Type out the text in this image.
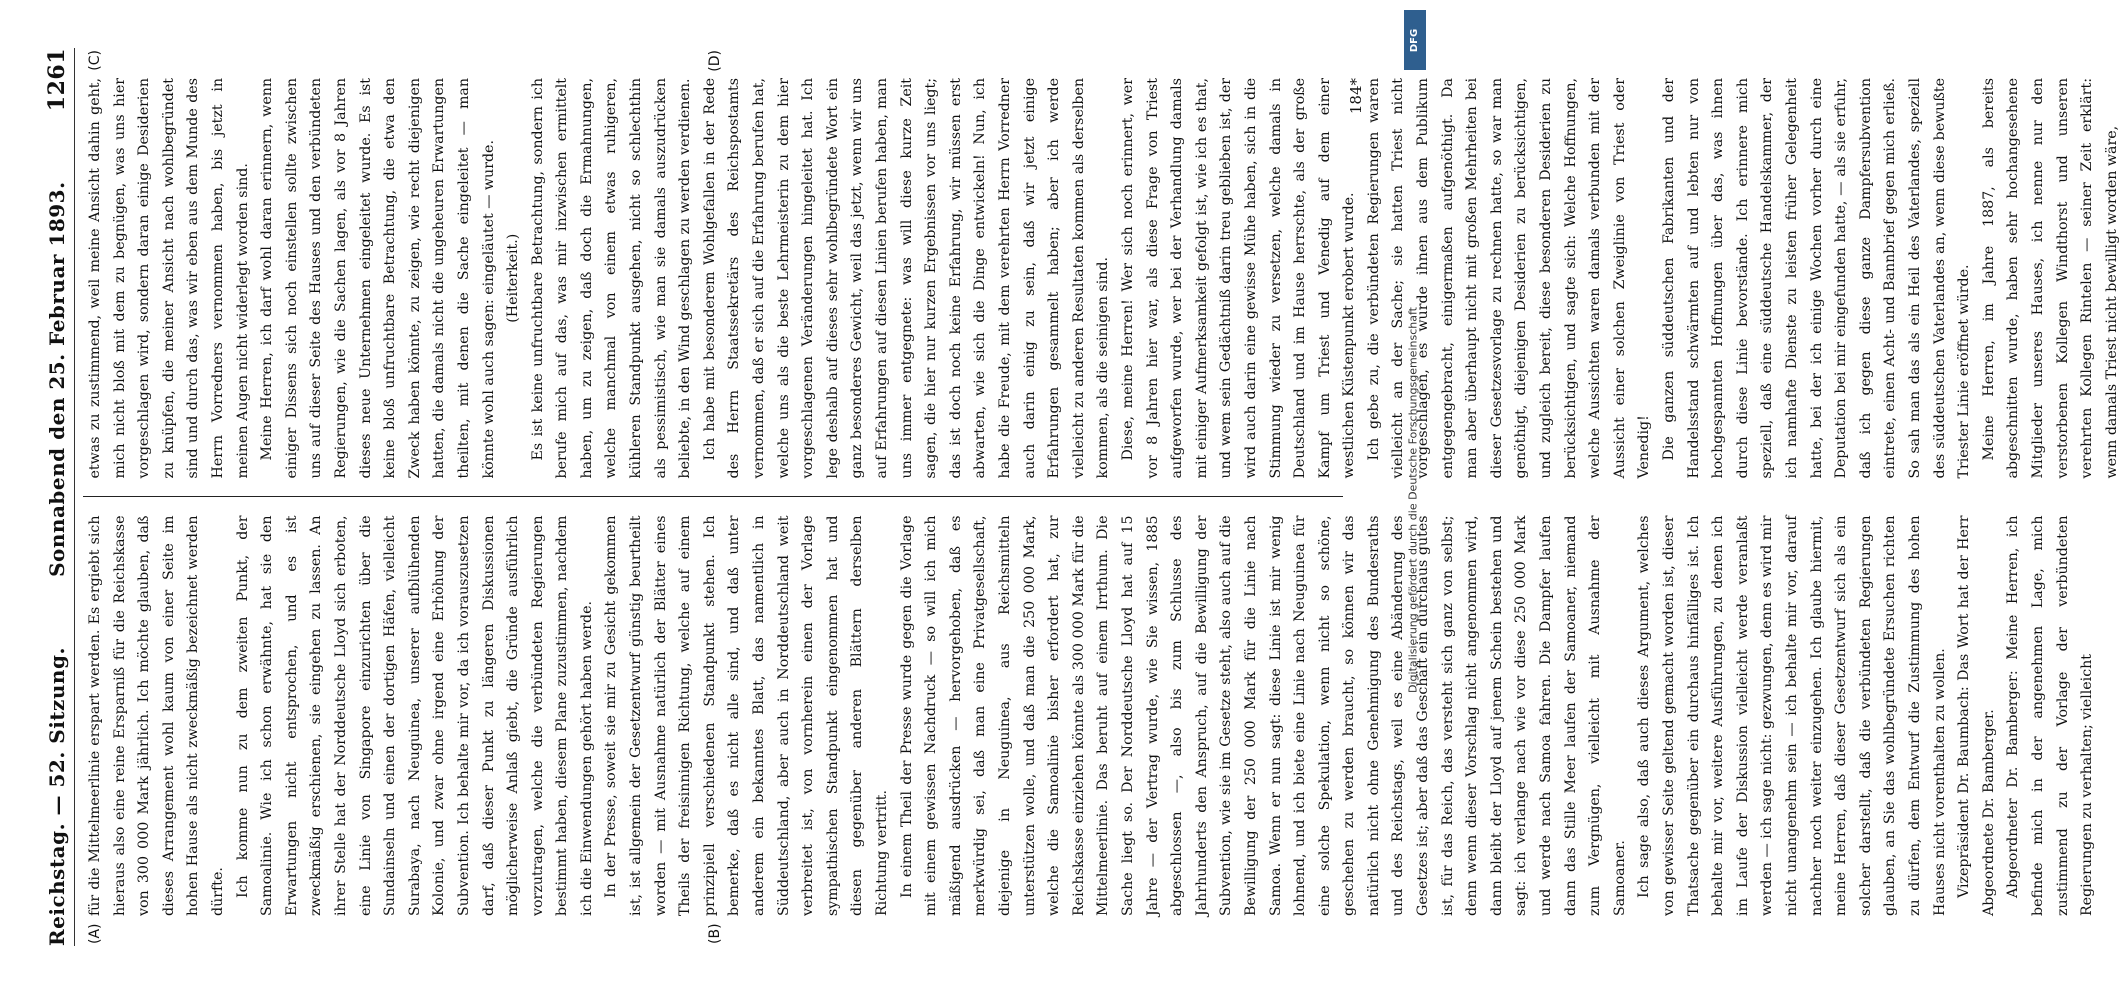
Reichstag. — 52. Sitzung.
Sonnabend den 25. Februar 1893.
1261
(A)	(B)

für die Mittelmeerlinie erspart werden. Es ergiebt sich hieraus also eine reine Ersparniß für die Reichskasse von 300 000 Mark jährlich. Ich möchte glauben, daß dieses Arrangement wohl kaum von einer Seite im hohen Hause als nicht zweckmäßig bezeichnet werden dürfte. Ich komme nun zu dem zweiten Punkt, der Samoalinie. Wie ich schon erwähnte, hat sie den Erwartungen nicht entsprochen, und es ist zweckmäßig erschienen, sie eingehen zu lassen. An ihrer Stelle hat der Norddeutsche Lloyd sich erboten, eine Linie von Singapore einzurichten über die Sundainseln und einen der dortigen Häfen, vielleicht Surabaya, nach Neuguinea, unserer aufblühenden Kolonie, und zwar ohne irgend eine Erhöhung der Subvention. Ich behalte mir vor, da ich vorauszusetzen darf, daß dieser Punkt zu längeren Diskussionen möglicherweise Anlaß giebt, die Gründe ausführlich vorzutragen, welche die verbündeten Regierungen bestimmt haben, diesem Plane zuzustimmen, nachdem ich die Einwendungen gehört haben werde. In der Presse, soweit sie mir zu Gesicht gekommen ist, ist allgemein der Gesetzentwurf günstig beurtheilt worden — mit Ausnahme natürlich der Blätter eines Theils der freisinnigen Richtung, welche auf einem prinzipiell verschiedenen Standpunkt stehen. Ich bemerke, daß es nicht alle sind, und daß unter anderem ein bekanntes Blatt, das namentlich in Süddeutschland, aber auch in Norddeutschland weit verbreitet ist, von vornherein einen der Vorlage sympathischen Standpunkt eingenommen hat und diesen gegenüber anderen Blättern derselben Richtung vertritt. In einem Theil der Presse wurde gegen die Vorlage mit einem gewissen Nachdruck — so will ich mich mäßigend ausdrücken — hervorgehoben, daß es merkwürdig sei, daß man eine Privatgesellschaft, diejenige in Neuguinea, aus Reichsmitteln unterstützen wolle, und daß man die 250 000 Mark, welche die Samoalinie bisher erfordert hat, zur Reichskasse einziehen könnte als 300 000 Mark für die Mittelmeerlinie. Das beruht auf einem Irrthum. Die Sache liegt so. Der Norddeutsche Lloyd hat auf 15 Jahre — der Vertrag wurde, wie Sie wissen, 1885 abgeschlossen —, also bis zum Schlusse des Jahrhunderts den Anspruch, auf die Bewilligung der Subvention, wie sie im Gesetze steht, also auch auf die Bewilligung der 250 000 Mark für die Linie nach Samoa. Wenn er nun sagt: diese Linie ist mir wenig lohnend, und ich biete eine Linie nach Neuguinea für eine solche Spekulation, wenn nicht so schöne, geschehen zu werden braucht, so können wir das natürlich nicht ohne Genehmigung des Bundesraths und des Reichstags, weil es eine Abänderung des Gesetzes ist; aber daß das Geschäft ein durchaus gutes ist, für das Reich, das versteht sich ganz von selbst; denn wenn dieser Vorschlag nicht angenommen wird, dann bleibt der Lloyd auf jenem Schein bestehen und sagt: ich verlange nach wie vor diese 250 000 Mark und werde nach Samoa fahren. Die Dampfer laufen dann das Stille Meer laufen der Samoaner, niemand zum Vergnügen, vielleicht mit Ausnahme der Samoaner. Ich sage also, daß auch dieses Argument, welches von gewisser Seite geltend gemacht worden ist, dieser Thatsache gegenüber ein durchaus hinfälliges ist. Ich behalte mir vor, weitere Ausführungen, zu denen ich im Laufe der Diskussion vielleicht werde veranlaßt werden — ich sage nicht: gezwungen, denn es wird mir nicht unangenehm sein — ich behalte mir vor, darauf nachher noch weiter einzugehen. Ich glaube hiermit, meine Herren, daß dieser Gesetzentwurf sich als ein solcher darstellt, daß die verbündeten Regierungen glauben, an Sie das wohlbegründete Ersuchen richten zu dürfen, dem Entwurf die Zustimmung des hohen Hauses nicht vorenthalten zu wollen. Vizepräsident Dr. Baumbach: Das Wort hat der Herr Abgeordnete Dr. Bamberger. Abgeordneter Dr. Bamberger: Meine Herren, ich befinde mich in der angenehmen Lage, mich zustimmend zu der Vorlage der verbündeten Regierungen zu verhalten; vielleicht

(C)	(D)

etwas zu zustimmend, weil meine Ansicht dahin geht, mich nicht bloß mit dem zu begnügen, was uns hier vorgeschlagen wird, sondern daran einige Desiderien zu knüpfen, die meiner Ansicht nach wohlbegründet sind und durch das, was wir eben aus dem Munde des Herrn Vorredners vernommen haben, bis jetzt in meinen Augen nicht widerlegt worden sind. Meine Herren, ich darf wohl daran erinnern, wenn einiger Dissens sich noch einstellen sollte zwischen uns auf dieser Seite des Hauses und den verbündeten Regierungen, wie die Sachen lagen, als vor 8 Jahren dieses neue Unternehmen eingeleitet wurde. Es ist keine bloß unfruchtbare Betrachtung, die etwa den Zweck haben könnte, zu zeigen, wie recht diejenigen hatten, die damals nicht die ungeheuren Erwartungen theilten, mit denen die Sache eingeleitet — man könnte wohl auch sagen: eingeläutet — wurde. (Heiterkeit.) Es ist keine unfruchtbare Betrachtung, sondern ich berufe mich auf das, was mir inzwischen ermittelt haben, um zu zeigen, daß doch die Ermahnungen, welche manchmal von einem etwas ruhigeren, kühleren Standpunkt ausgehen, nicht so schlechthin als pessimistisch, wie man sie damals auszudrücken beliebte, in den Wind geschlagen zu werden verdienen. Ich habe mit besonderem Wohlgefallen in der Rede des Herrn Staatssekretärs des Reichspostamts vernommen, daß er sich auf die Erfahrung berufen hat, welche uns als die beste Lehrmeisterin zu dem hier vorgeschlagenen Veränderungen hingeleitet hat. Ich lege deshalb auf dieses sehr wohlbegründete Wort ein ganz besonderes Gewicht, weil das jetzt, wenn wir uns auf Erfahrungen auf diesen Linien berufen haben, man uns immer entgegnete: was will diese kurze Zeit sagen, die hier nur kurzen Ergebnissen vor uns liegt; das ist doch noch keine Erfahrung, wir müssen erst abwarten, wie sich die Dinge entwickeln! Nun, ich habe die Freude, mit dem verehrten Herrn Vorredner auch darin einig zu sein, daß wir jetzt einige Erfahrungen gesammelt haben; aber ich werde vielleicht zu anderen Resultaten kommen als derselben kommen, als die seinigen sind. Diese, meine Herren! Wer sich noch erinnert, wer vor 8 Jahren hier war, als diese Frage von Triest aufgeworfen wurde, wer bei der Verhandlung damals mit einiger Aufmerksamkeit gefolgt ist, wie ich es that, und wem sein Gedächtniß darin treu geblieben ist, der wird auch darin eine gewisse Mühe haben, sich in die Stimmung wieder zu versetzen, welche damals in Deutschland und im Hause herrschte, als der große Kampf um Triest und Venedig auf dem einer westlichen Küstenpunkt erobert wurde. Ich gebe zu, die verbündeten Regierungen waren vielleicht an der Sache; sie hatten Triest nicht vorgeschlagen, es wurde ihnen aus dem Publikum entgegengebracht, einigermaßen aufgenöthigt. Da man aber überhaupt nicht mit großen Mehrheiten bei dieser Gesetzesvorlage zu rechnen hatte, so war man genöthigt, diejenigen Desiderien zu berücksichtigen, und zugleich bereit, diese besonderen Desiderien zu berücksichtigen, und sagte sich: Welche Hoffnungen, welche Aussichten waren damals verbunden mit der Aussicht einer solchen Zweiglinie von Triest oder Venedig! Die ganzen süddeutschen Fabrikanten und der Handelsstand schwärmten auf und lebten nur von hochgespannten Hoffnungen über das, was ihnen durch diese Linie bevorstände. Ich erinnere mich speziell, daß eine süddeutsche Handelskammer, der ich namhafte Dienste zu leisten früher Gelegenheit hatte, bei der ich einige Wochen vorher durch eine Deputation bei mir eingefunden hatte, — als sie erfuhr, daß ich gegen diese ganze Dampfersubvention eintrete, einen Acht- und Bannbrief gegen mich erließ. So sah man das als ein Heil des Vaterlandes, speziell des süddeutschen Vaterlandes an, wenn diese bewußte Triester Linie eröffnet würde. Meine Herren, im Jahre 1887, als bereits abgeschnitten wurde, haben sehr hochangesehene Mitglieder unseres Hauses, ich nenne nur den verstorbenen Kollegen Windthorst und unseren verehrten Kollegen Rintelen — seiner Zeit erklärt: wenn damals Triest nicht bewilligt worden wäre,

184*
Digitalisierung gefördert durch die Deutsche Forschungsgemeinschaft
DFG
